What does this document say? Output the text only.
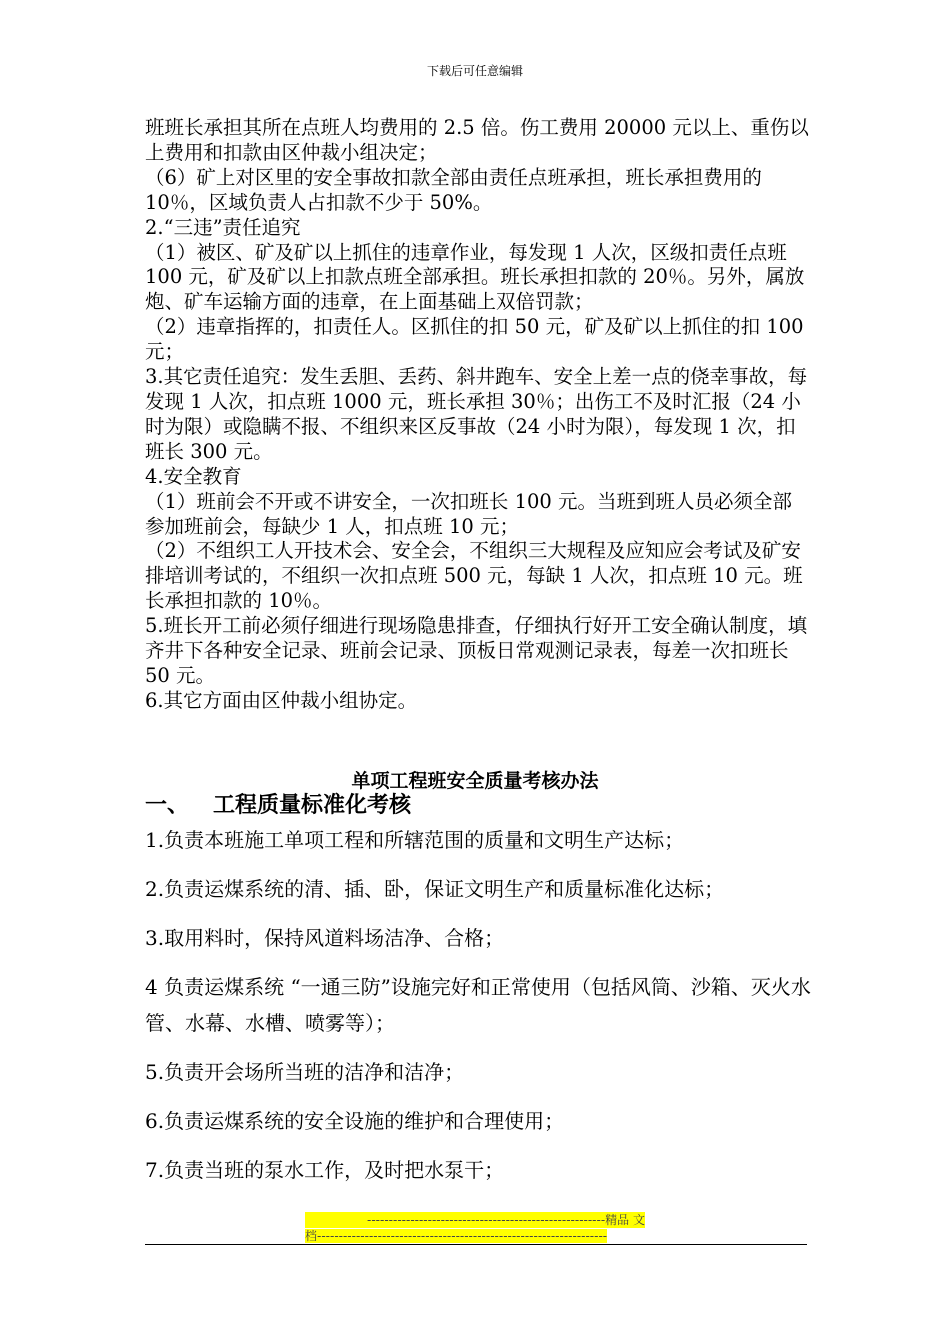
下载后可任意编辑

班班长承担其所在点班人均费用的 2.5 倍。伤工费用 20000 元以上、重伤以上费用和扣款由区仲裁小组决定；

（6）矿上对区里的安全事故扣款全部由责任点班承担，班长承担费用的 10％，区域负责人占扣款不少于 50%。

2.“三违”责任追究

（1）被区、矿及矿以上抓住的违章作业，每发现 1 人次，区级扣责任点班 100 元，矿及矿以上扣款点班全部承担。班长承担扣款的 20％。另外，属放炮、矿车运输方面的违章，在上面基础上双倍罚款；

（2）违章指挥的，扣责任人。区抓住的扣 50 元，矿及矿以上抓住的扣 100 元；

3.其它责任追究：发生丢胆、丢药、斜井跑车、安全上差一点的侥幸事故，每发现 1 人次，扣点班 1000 元，班长承担 30％；出伤工不及时汇报（24 小时为限）或隐瞒不报、不组织来区反事故（24 小时为限），每发现 1 次，扣班长 300 元。

4.安全教育

（1）班前会不开或不讲安全，一次扣班长 100 元。当班到班人员必须全部参加班前会，每缺少 1 人，扣点班 10 元；

（2）不组织工人开技术会、安全会，不组织三大规程及应知应会考试及矿安排培训考试的，不组织一次扣点班 500 元，每缺 1 人次，扣点班 10 元。班长承担扣款的 10％。

5.班长开工前必须仔细进行现场隐患排查，仔细执行好开工安全确认制度，填齐井下各种安全记录、班前会记录、顶板日常观测记录表，每差一次扣班长 50 元。

6.其它方面由区仲裁小组协定。

单项工程班安全质量考核办法
一、 工程质量标准化考核

1.负责本班施工单项工程和所辖范围的质量和文明生产达标；

2.负责运煤系统的清、插、卧，保证文明生产和质量标准化达标；

3.取用料时，保持风道料场洁净、合格；

4 负责运煤系统 “一通三防”设施完好和正常使用（包括风筒、沙箱、灭火水管、水幕、水槽、喷雾等）；

5.负责开会场所当班的洁净和洁净；

6.负责运煤系统的安全设施的维护和合理使用；

7.负责当班的泵水工作，及时把水泵干；

-------------------------------------------------------精品 文
档-------------------------------------------------------------------
